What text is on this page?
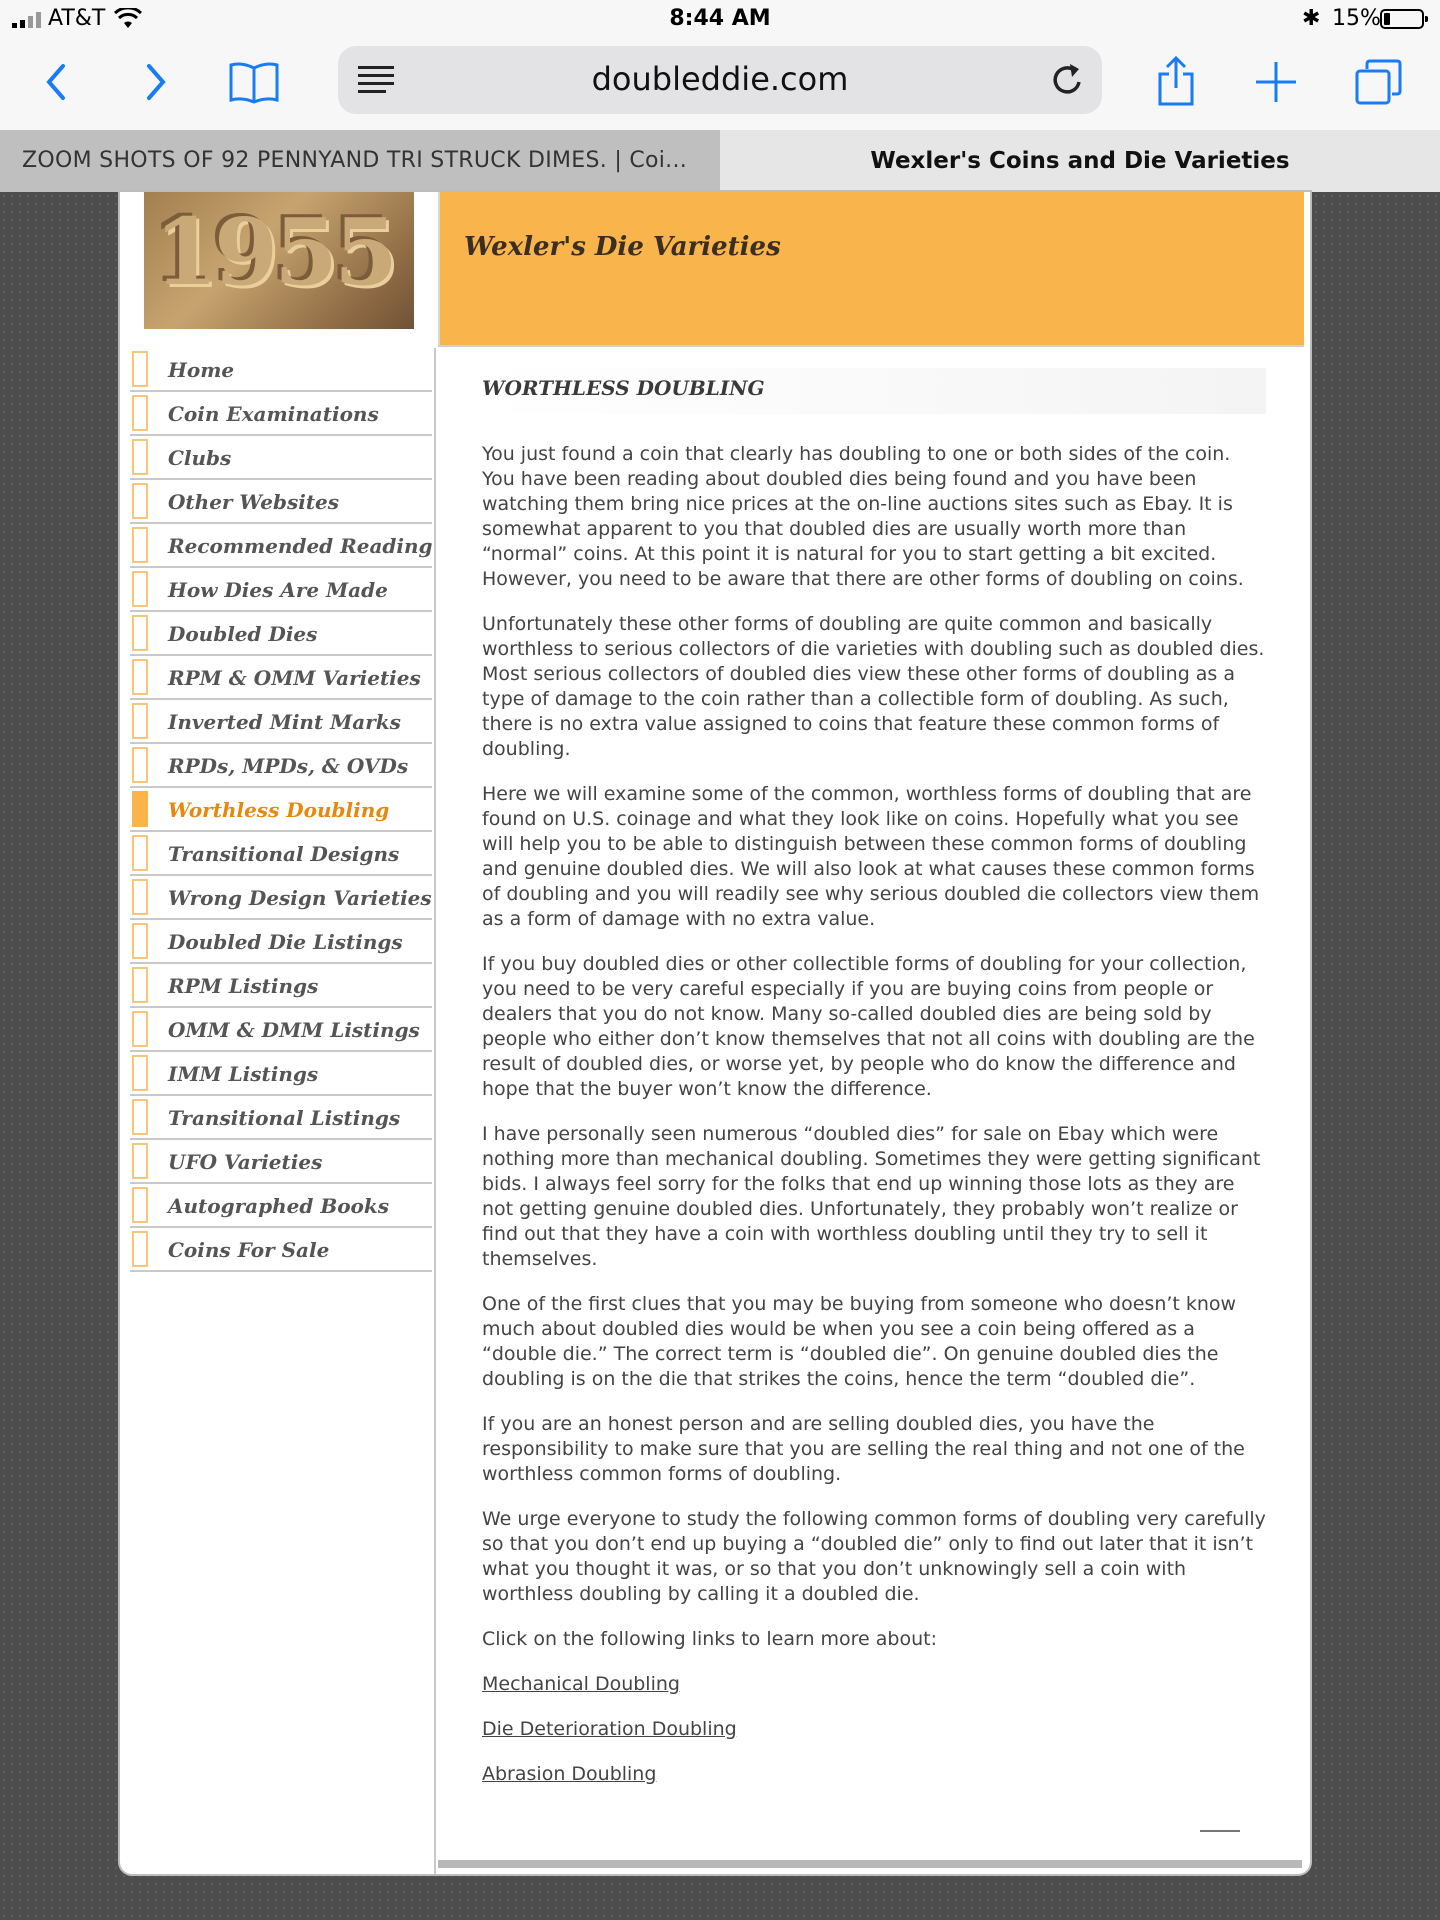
AT&T	8:44 AM	✱ 15%
doubleddie.com
ZOOM SHOTS OF 92 PENNYAND TRI STRUCK DIMES. | Coi...	Wexler's Coins and Die Varieties
1955	Wexler's Die Varieties
Home
Coin Examinations
Clubs
Other Websites
Recommended Reading
How Dies Are Made
Doubled Dies
RPM & OMM Varieties
Inverted Mint Marks
RPDs, MPDs, & OVDs
Worthless Doubling
Transitional Designs
Wrong Design Varieties
Doubled Die Listings
RPM Listings
OMM & DMM Listings
IMM Listings
Transitional Listings
UFO Varieties
Autographed Books
Coins For Sale
WORTHLESS DOUBLING

You just found a coin that clearly has doubling to one or both sides of the coin. You have been reading about doubled dies being found and you have been watching them bring nice prices at the on-line auctions sites such as Ebay. It is somewhat apparent to you that doubled dies are usually worth more than “normal” coins. At this point it is natural for you to start getting a bit excited. However, you need to be aware that there are other forms of doubling on coins.

Unfortunately these other forms of doubling are quite common and basically worthless to serious collectors of die varieties with doubling such as doubled dies. Most serious collectors of doubled dies view these other forms of doubling as a type of damage to the coin rather than a collectible form of doubling. As such, there is no extra value assigned to coins that feature these common forms of doubling.

Here we will examine some of the common, worthless forms of doubling that are found on U.S. coinage and what they look like on coins. Hopefully what you see will help you to be able to distinguish between these common forms of doubling and genuine doubled dies. We will also look at what causes these common forms of doubling and you will readily see why serious doubled die collectors view them as a form of damage with no extra value.

If you buy doubled dies or other collectible forms of doubling for your collection, you need to be very careful especially if you are buying coins from people or dealers that you do not know. Many so-called doubled dies are being sold by people who either don’t know themselves that not all coins with doubling are the result of doubled dies, or worse yet, by people who do know the difference and hope that the buyer won’t know the difference.

I have personally seen numerous “doubled dies” for sale on Ebay which were nothing more than mechanical doubling. Sometimes they were getting significant bids. I always feel sorry for the folks that end up winning those lots as they are not getting genuine doubled dies. Unfortunately, they probably won’t realize or find out that they have a coin with worthless doubling until they try to sell it themselves.

One of the first clues that you may be buying from someone who doesn’t know much about doubled dies would be when you see a coin being offered as a “double die.” The correct term is “doubled die”. On genuine doubled dies the doubling is on the die that strikes the coins, hence the term “doubled die”.

If you are an honest person and are selling doubled dies, you have the responsibility to make sure that you are selling the real thing and not one of the worthless common forms of doubling.

We urge everyone to study the following common forms of doubling very carefully so that you don’t end up buying a “doubled die” only to find out later that it isn’t what you thought it was, or so that you don’t unknowingly sell a coin with worthless doubling by calling it a doubled die.

Click on the following links to learn more about:

Mechanical Doubling
Die Deterioration Doubling
Abrasion Doubling
